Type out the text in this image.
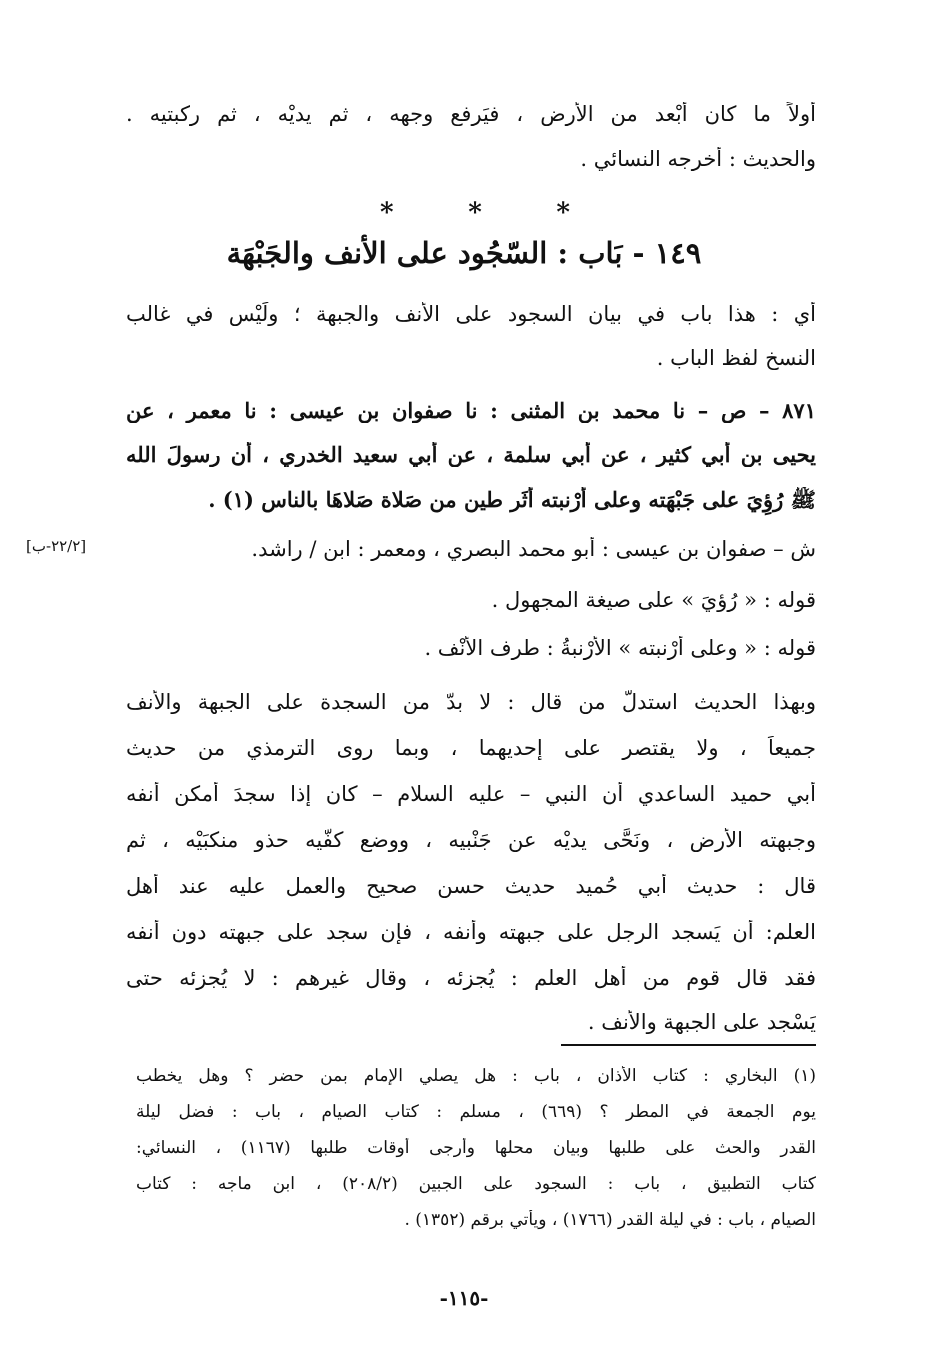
أولاً ما كان أبْعد من الأرض ، فيَرفع وجهه ، ثم يديْه ، ثم ركبتيه .
والحديث : أخرجه النسائي .
*	*	*
١٤٩ - بَاب : السّجُود على الأنف والجَبْهَة
أي : هذا باب في بيان السجود على الأنف والجبهة ؛ ولَيْس في غالب
النسخ لفظ الباب .
٨٧١ – ص – نا محمد بن المثنى : نا صفوان بن عيسى : نا معمر ، عن
يحيى بن أبي كثير ، عن أبي سلمة ، عن أبي سعيد الخدري ، أن رسولَ الله
ﷺ رُؤِيَ على جَبْهَته وعلى أرْنبته أثَر طين من صَلاة صَلاهَا بالناس (١) .
ش – صفوان بن عيسى : أبو محمد البصري ، ومعمر : ابن / راشد.
[٢٢/٢-ب]
قوله : « رُؤيَ » على صيغة المجهول .
قوله : « وعلى أرْنبته » الأرْنبةُ : طرف الأنْف .
وبهذا الحديث استدلّ من قال : لا بدّ من السجدة على الجبهة والأنف
جميعاً ، ولا يقتصر على إحديهما ، وبما روى الترمذي من حديث
أبي حميد الساعدي أن النبي – عليه السلام – كان إذا سجدَ أمكن أنفه
وجبهته الأرض ، ونَحَّى يديْه عن جَنْبيه ، ووضع كفّيه حذو منكبَيْه ، ثم
قال : حديث أبي حُميد حديث حسن صحيح والعمل عليه عند أهل
العلم: أن يَسجد الرجل على جبهته وأنفه ، فإن سجد على جبهته دون أنفه
فقد قال قوم من أهل العلم : يُجزئه ، وقال غيرهم : لا يُجزئه حتى
يَسْجد على الجبهة والأنف .
(١) البخاري : كتاب الأذان ، باب : هل يصلي الإمام بمن حضر ؟ وهل يخطب
يوم الجمعة في المطر ؟ (٦٦٩) ، مسلم : كتاب الصيام ، باب : فضل ليلة
القدر والحث على طلبها وبيان محلها وأرجى أوقات طلبها (١١٦٧) ، النسائي:
كتاب التطبيق ، باب : السجود على الجبين (٢٠٨/٢) ، ابن ماجه : كتاب
الصيام ، باب : في ليلة القدر (١٧٦٦) ، ويأتي برقم (١٣٥٢) .
-١١٥-
